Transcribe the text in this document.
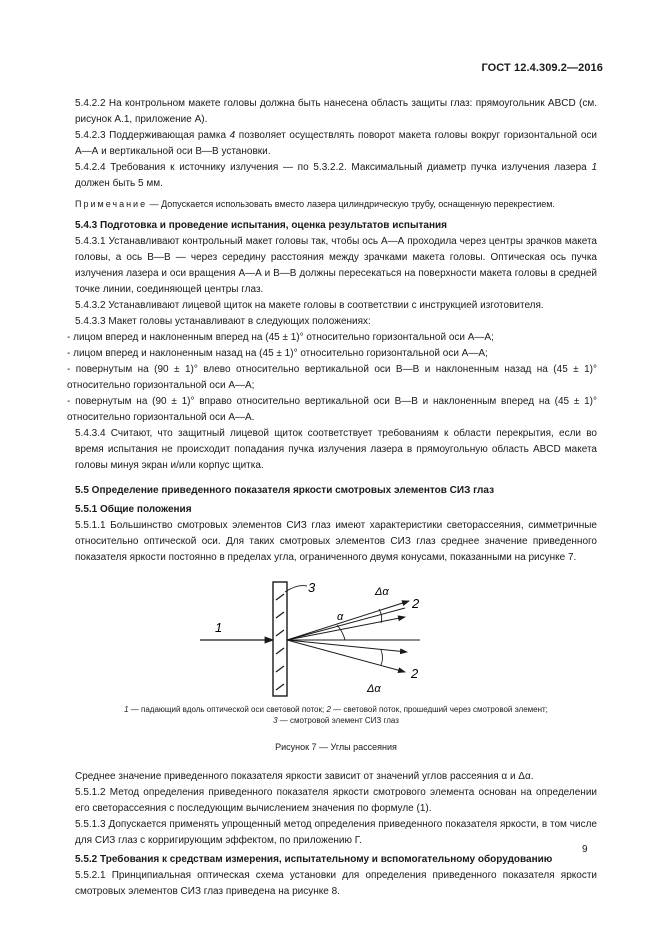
ГОСТ 12.4.309.2—2016

5.4.2.2 На контрольном макете головы должна быть нанесена область защиты глаз: прямоугольник ABCD (см. рисунок А.1, приложение А).

5.4.2.3 Поддерживающая рамка 4 позволяет осуществлять поворот макета головы вокруг горизонтальной оси А—А и вертикальной оси В—В установки.

5.4.2.4 Требования к источнику излучения — по 5.3.2.2. Максимальный диаметр пучка излучения лазера 1 должен быть 5 мм.

Примечание — Допускается использовать вместо лазера цилиндрическую трубу, оснащенную перекрестием.

5.4.3 Подготовка и проведение испытания, оценка результатов испытания

5.4.3.1 Устанавливают контрольный макет головы так, чтобы ось А—А проходила через центры зрачков макета головы, а ось В—В — через середину расстояния между зрачками макета головы. Оптическая ось пучка излучения лазера и оси вращения А—А и В—В должны пересекаться на поверхности макета головы в средней точке линии, соединяющей центры глаз.

5.4.3.2 Устанавливают лицевой щиток на макете головы в соответствии с инструкцией изготовителя.

5.4.3.3 Макет головы устанавливают в следующих положениях:

- лицом вперед и наклоненным вперед на (45 ± 1)° относительно горизонтальной оси А—А;

- лицом вперед и наклоненным назад на (45 ± 1)° относительно горизонтальной оси А—А;

- повернутым на (90 ± 1)° влево относительно вертикальной оси В—В и наклоненным назад на (45 ± 1)° относительно горизонтальной оси А—А;

- повернутым на (90 ± 1)° вправо относительно вертикальной оси В—В и наклоненным вперед на (45 ± 1)° относительно горизонтальной оси А—А.

5.4.3.4 Считают, что защитный лицевой щиток соответствует требованиям к области перекрытия, если во время испытания не происходит попадания пучка излучения лазера в прямоугольную область ABCD макета головы минуя экран и/или корпус щитка.

5.5 Определение приведенного показателя яркости смотровых элементов СИЗ глаз

5.5.1 Общие положения

5.5.1.1 Большинство смотровых элементов СИЗ глаз имеют характеристики светорассеяния, симметричные относительно оптической оси. Для таких смотровых элементов СИЗ глаз среднее значение приведенного показателя яркости постоянно в пределах угла, ограниченного двумя конусами, показанными на рисунке 7.

1
3
α
Δα
Δα
2
2

1 — падающий вдоль оптической оси световой поток; 2 — световой поток, прошедший через смотровой элемент;
3 — смотровой элемент СИЗ глаз

Рисунок 7 — Углы рассеяния

Среднее значение приведенного показателя яркости зависит от значений углов рассеяния α и Δα.

5.5.1.2 Метод определения приведенного показателя яркости смотрового элемента основан на определении его светорассеяния с последующим вычислением значения по формуле (1).

5.5.1.3 Допускается применять упрощенный метод определения приведенного показателя яркости, в том числе для СИЗ глаз с корригирующим эффектом, по приложению Г.

5.5.2 Требования к средствам измерения, испытательному и вспомогательному оборудованию

5.5.2.1 Принципиальная оптическая схема установки для определения приведенного показателя яркости смотровых элементов СИЗ глаз приведена на рисунке 8.

9
